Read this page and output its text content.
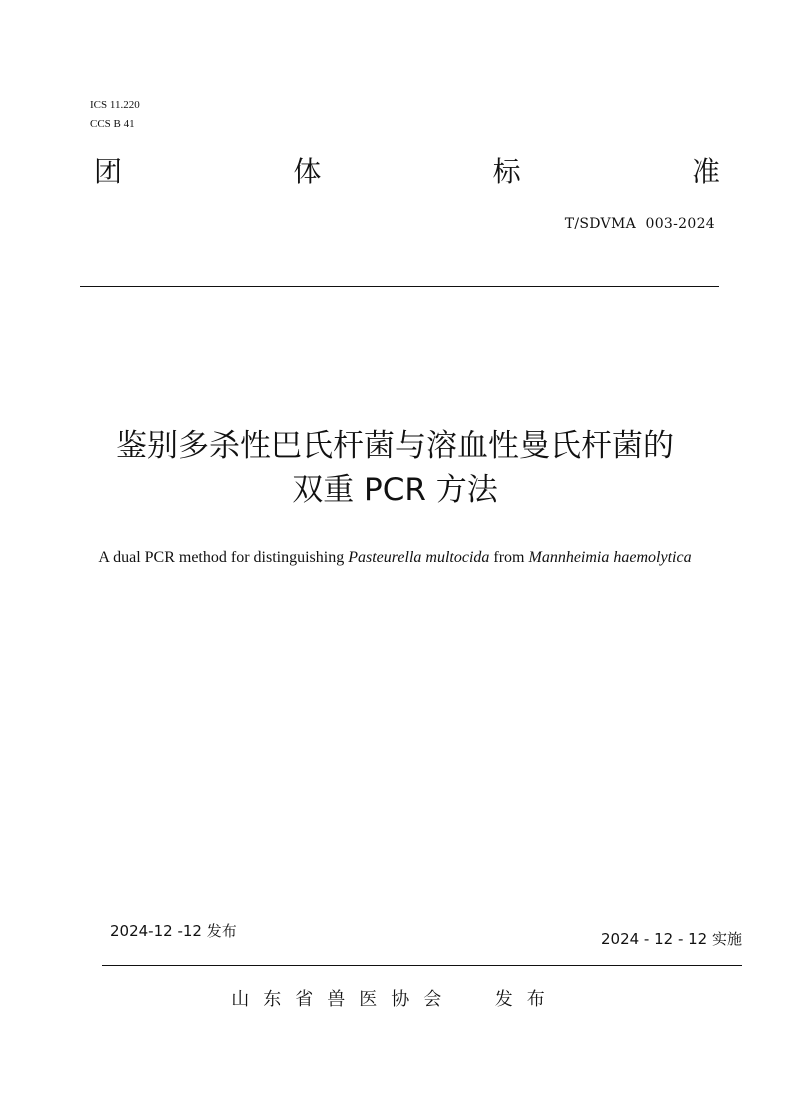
ICS 11.220
CCS B 41
团	体	标	准
T/SDVMA  003-2024
鉴别多杀性巴氏杆菌与溶血性曼氏杆菌的
双重 PCR 方法
A dual PCR method for distinguishing Pasteurella multocida from Mannheimia haemolytica
2024-12 -12 发布	2024 - 12 - 12 实施
山东省兽医协会 发布
